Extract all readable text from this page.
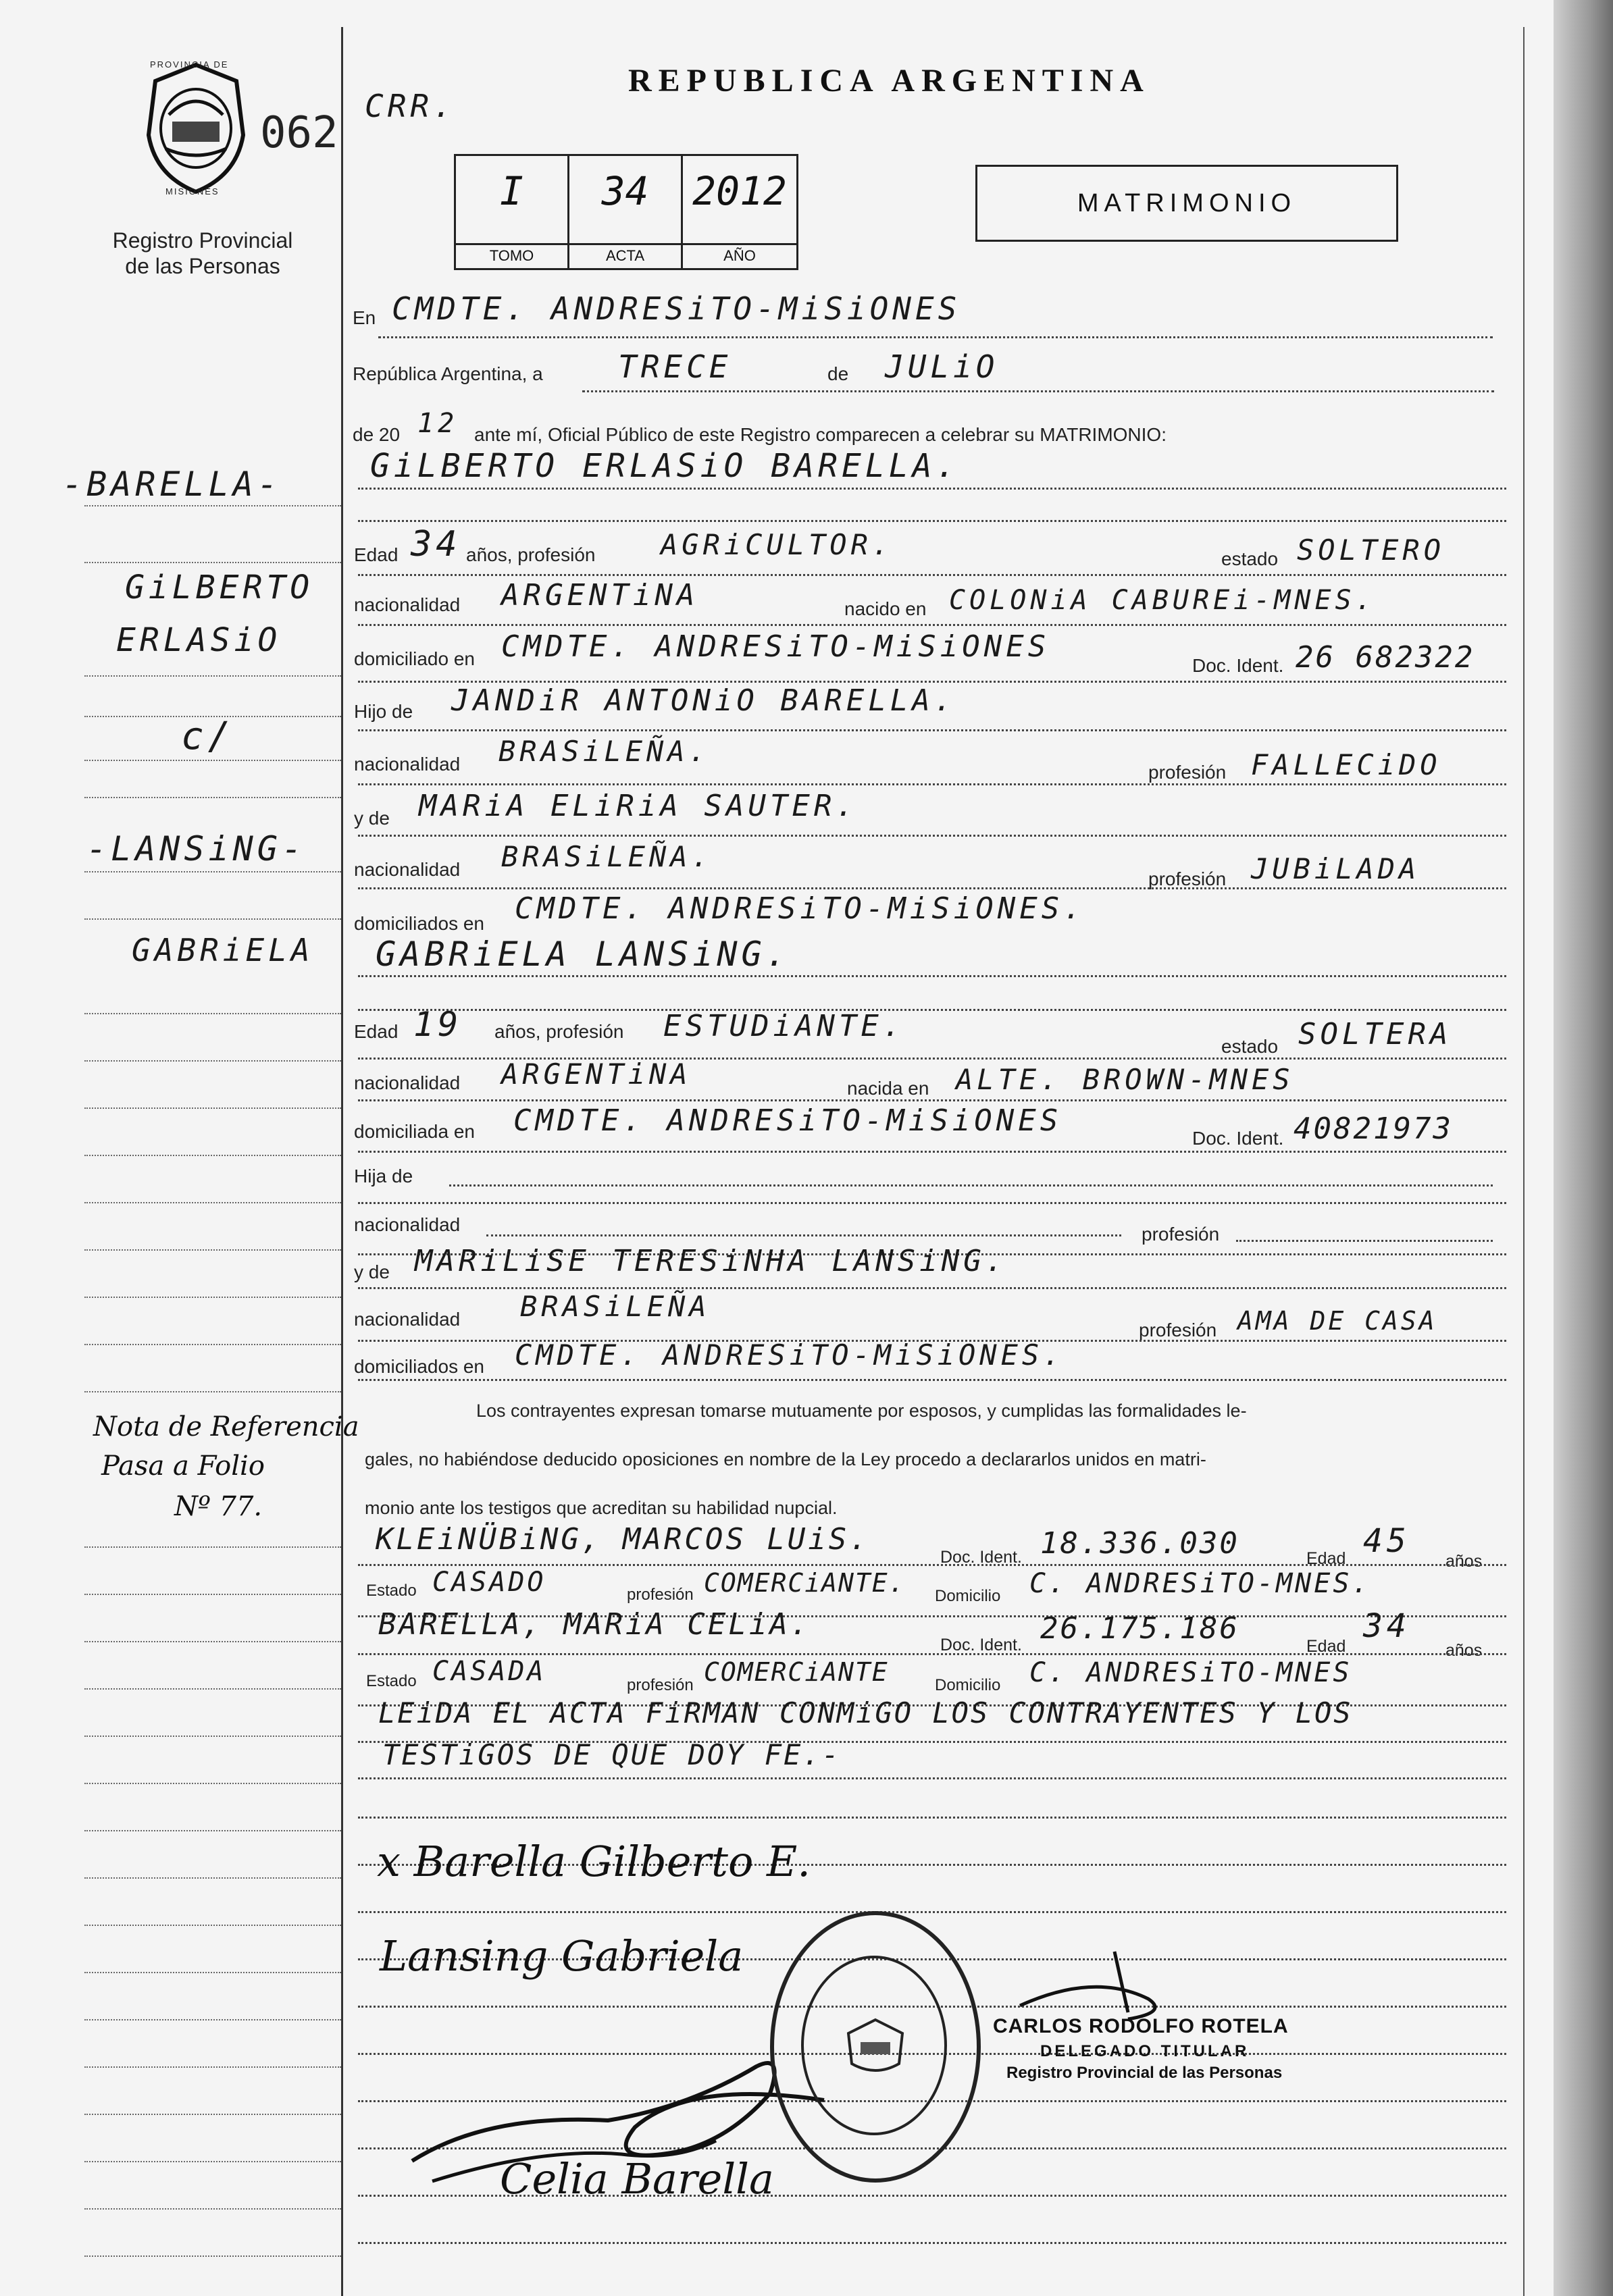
PROVINCIA DE
MISIONES
062
Registro Provincial
de las Personas
REPUBLICA ARGENTINA
CRR.
I
TOMO
34
ACTA
2012
AÑO
MATRIMONIO
-BARELLA-
GiLBERTO
ERLASiO
c/
-LANSiNG-
GABRiELA
Nota de Referencia
Pasa a Folio
Nº 77.
En CMDTE. ANDRESiTO-MiSiONES
República Argentina, a TRECE	de JULiO
de 20 12 ante mí, Oficial Público de este Registro comparecen a celebrar su MATRIMONIO:
GiLBERTO ERLASiO BARELLA.
Edad 34 años, profesión AGRiCULTOR.	estado SOLTERO
nacionalidad ARGENTiNA	nacido en COLONiA CABUREi-MNES.
domiciliado en CMDTE. ANDRESiTO-MiSiONES
Doc. Ident. 26 682322
Hijo de JANDiR ANTONiO BARELLA.
nacionalidad BRASiLEÑA.
profesión FALLECiDO
y de MARiA ELiRiA SAUTER.
nacionalidad BRASiLEÑA.
profesión JUBiLADA
domiciliados en CMDTE. ANDRESiTO-MiSiONES.
GABRiELA LANSiNG.
Edad 19 años, profesión ESTUDiANTE.
estado SOLTERA
nacionalidad ARGENTiNA	nacida en ALTE. BROWN-MNES
domiciliada en CMDTE. ANDRESiTO-MiSiONES
Doc. Ident. 40821973
Hija de
nacionalidad	profesión
y de MARiLiSE TERESiNHA LANSiNG.
nacionalidad BRASiLEÑA
profesión AMA DE CASA
domiciliados en CMDTE. ANDRESiTO-MiSiONES.
Los contrayentes expresan tomarse mutuamente por esposos, y cumplidas las formalidades le-
gales, no habiéndose deducido oposiciones en nombre de la Ley procedo a declararlos unidos en matri-
monio ante los testigos que acreditan su habilidad nupcial.
KLEiNÜBiNG, MARCOS LUiS.
Doc. Ident. 18.336.030	Edad 45
años
Estado CASADO	profesión COMERCiANTE. Domicilio C. ANDRESiTO-MNES.
BARELLA, MARiA CELiA.
Doc. Ident. 26.175.186
Edad
34
años
Estado CASADA	profesión COMERCiANTE	Domicilio C. ANDRESiTO-MNES
LEiDA EL ACTA FiRMAN CONMiGO LOS CONTRAYENTES Y LOS
TESTiGOS DE QUE DOY FE.-
x Barella Gilberto E.
Lansing Gabriela
Celia Barella
CARLOS RODOLFO ROTELA
DELEGADO TITULAR
Registro Provincial de las Personas
